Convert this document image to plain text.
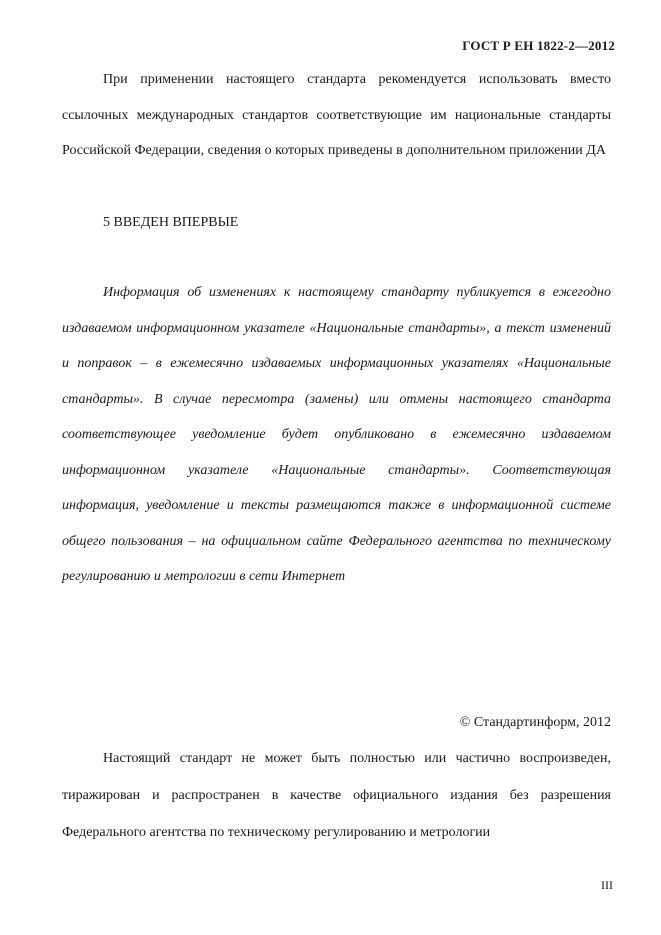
ГОСТ Р ЕН 1822-2—2012

При применении настоящего стандарта рекомендуется использовать вместо ссылочных международных стандартов соответствующие им национальные стандарты Российской Федерации, сведения о которых приведены в дополнительном приложении ДА

5 ВВЕДЕН ВПЕРВЫЕ

Информация об изменениях к настоящему стандарту публикуется в ежегодно издаваемом информационном указателе «Национальные стандарты», а текст изменений и поправок – в ежемесячно издаваемых информационных указателях «Национальные стандарты». В случае пересмотра (замены) или отмены настоящего стандарта соответствующее уведомление будет опубликовано в ежемесячно издаваемом информационном указателе «Национальные стандарты». Соответствующая информация, уведомление и тексты размещаются также в информационной системе общего пользования – на официальном сайте Федерального агентства по техническому регулированию и метрологии в сети Интернет

© Стандартинформ, 2012

Настоящий стандарт не может быть полностью или частично воспроизведен, тиражирован и распространен в качестве официального издания без разрешения Федерального агентства по техническому регулированию и метрологии

III
